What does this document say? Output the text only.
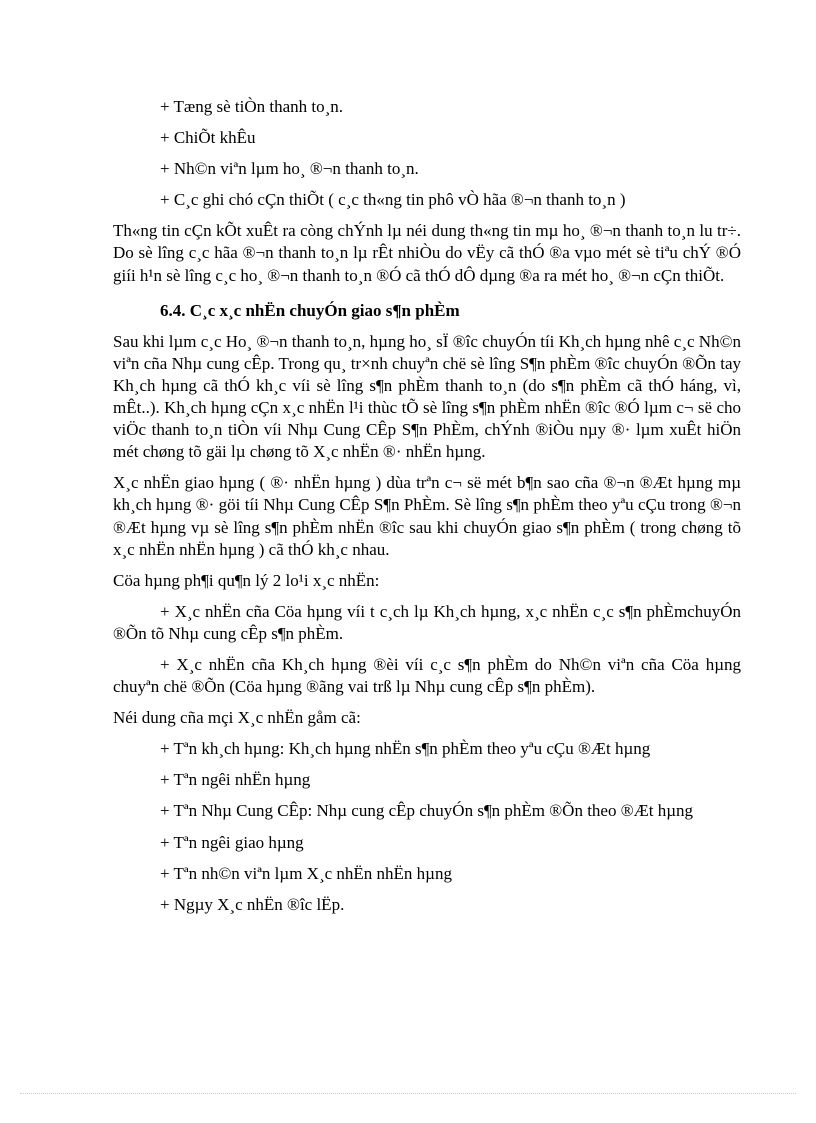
+ Tæng sè tiÒn thanh to¸n.

+ ChiÕt khÊu

+ Nh©n viªn lµm ho¸ ®¬n thanh to¸n.

+ C¸c ghi chó cÇn thiÕt ( c¸c th«ng tin phô vÒ hãa ®¬n thanh to¸n )

Th«ng tin cÇn kÕt xuÊt ra còng chÝnh lµ néi dung th«ng tin mµ ho¸ ®¬n thanh to¸n lu tr÷. Do sè lîng c¸c hãa ®¬n thanh to¸n lµ rÊt nhiÒu do vËy cã thÓ ®a vµo mét sè tiªu chÝ ®Ó giíi h¹n sè lîng c¸c ho¸ ®¬n thanh to¸n ®Ó cã thÓ dÔ dµng ®a ra mét ho¸ ®¬n cÇn thiÕt.

6.4. C¸c x¸c nhËn chuyÓn giao s¶n phÈm

Sau khi lµm c¸c Ho¸ ®¬n thanh to¸n, hµng ho¸ sÏ ®îc chuyÓn tíi Kh¸ch hµng nhê c¸c Nh©n viªn cña Nhµ cung cÊp. Trong qu¸ tr×nh chuyªn chë sè lîng S¶n phÈm ®îc chuyÓn ®Õn tay Kh¸ch hµng cã thÓ kh¸c víi sè lîng s¶n phÈm thanh to¸n (do s¶n phÈm cã thÓ háng, vì, mÊt..). Kh¸ch hµng cÇn x¸c nhËn l¹i thùc tÕ sè lîng s¶n phÈm nhËn ®îc ®Ó lµm c¬ së cho viÖc thanh to¸n tiÒn víi Nhµ Cung CÊp S¶n PhÈm, chÝnh ®iÒu nµy ®· lµm xuÊt hiÖn mét chøng tõ gäi lµ chøng tõ X¸c nhËn ®· nhËn hµng.

X¸c nhËn giao hµng ( ®· nhËn hµng ) dùa trªn c¬ së mét b¶n sao cña ®¬n ®Æt hµng mµ kh¸ch hµng ®· göi tíi Nhµ Cung CÊp S¶n PhÈm. Sè lîng s¶n phÈm theo yªu cÇu trong ®¬n ®Æt hµng vµ sè lîng s¶n phÈm nhËn ®îc sau khi chuyÓn giao s¶n phÈm ( trong chøng tõ x¸c nhËn nhËn hµng ) cã thÓ kh¸c nhau.

Cöa hµng ph¶i qu¶n lý 2 lo¹i x¸c nhËn:

+ X¸c nhËn cña Cöa hµng víi t c¸ch lµ Kh¸ch hµng, x¸c nhËn c¸c s¶n phÈmchuyÓn ®Õn tõ Nhµ cung cÊp s¶n phÈm.

+ X¸c nhËn cña Kh¸ch hµng ®èi víi c¸c s¶n phÈm do Nh©n viªn cña Cöa hµng chuyªn chë ®Õn (Cöa hµng ®ãng vai trß lµ Nhµ cung cÊp s¶n phÈm).

Néi dung cña mçi X¸c nhËn gåm cã:

+ Tªn kh¸ch hµng: Kh¸ch hµng nhËn s¶n phÈm theo yªu cÇu ®Æt hµng

+ Tªn ngêi nhËn hµng

+ Tªn Nhµ Cung CÊp: Nhµ cung cÊp chuyÓn s¶n phÈm ®Õn theo ®Æt hµng

+ Tªn ngêi giao hµng

+ Tªn nh©n viªn lµm X¸c nhËn nhËn hµng

+ Ngµy X¸c nhËn ®îc lËp.
